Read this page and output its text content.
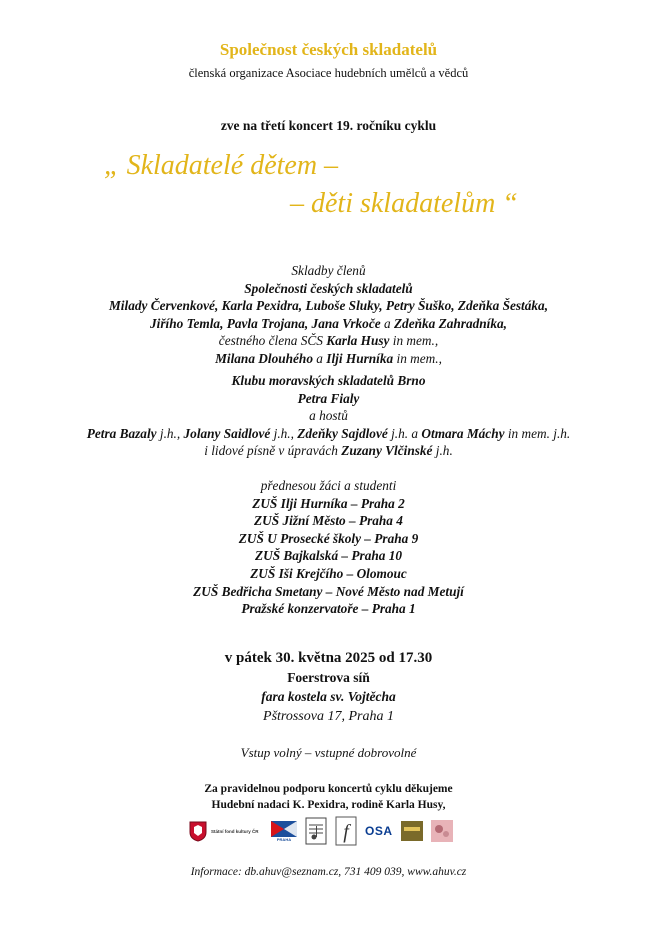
Společnost českých skladatelů
členská organizace Asociace hudebních umělců a vědců
zve na třetí koncert 19. ročníku cyklu
„ Skladatelé dětem –
– děti skladatelům “

Skladby členů

Společnosti českých skladatelů

Milady Červenkové, Karla Pexidra, Luboše Sluky, Petry Šuško, Zdeňka Šestáka,

Jiřího Temla, Pavla Trojana, Jana Vrkoče a Zdeňka Zahradníka,

čestného člena SČS Karla Husy in mem.,

Milana Dlouhého a Ilji Hurníka in mem.,

Klubu moravských skladatelů Brno

Petra Fialy

a hostů

Petra Bazaly j.h., Jolany Saidlové j.h., Zdeňky Sajdlové j.h. a Otmara Máchy in mem. j.h.

i lidové písně v úpravách Zuzany Vlčinské j.h.

přednesou žáci a studenti

ZUŠ Ilji Hurníka – Praha 2

ZUŠ Jižní Město – Praha 4

ZUŠ U Prosecké školy – Praha 9

ZUŠ Bajkalská – Praha 10

ZUŠ Iši Krejčího – Olomouc

ZUŠ Bedřicha Smetany – Nové Město nad Metují

Pražské konzervatoře – Praha 1

v pátek 30. května 2025 od 17.30
Foerstrova síň
fara kostela sv. Vojtěcha
Pštrossova 17, Praha 1
Vstup volný – vstupné dobrovolné

Za pravidelnou podporu koncertů cyklu děkujeme

Hudební nadaci K. Pexidra, rodině Karla Husy,

Státní fond kultury ČR
PRAHA	f OSA
Informace: db.ahuv@seznam.cz, 731 409 039, www.ahuv.cz
